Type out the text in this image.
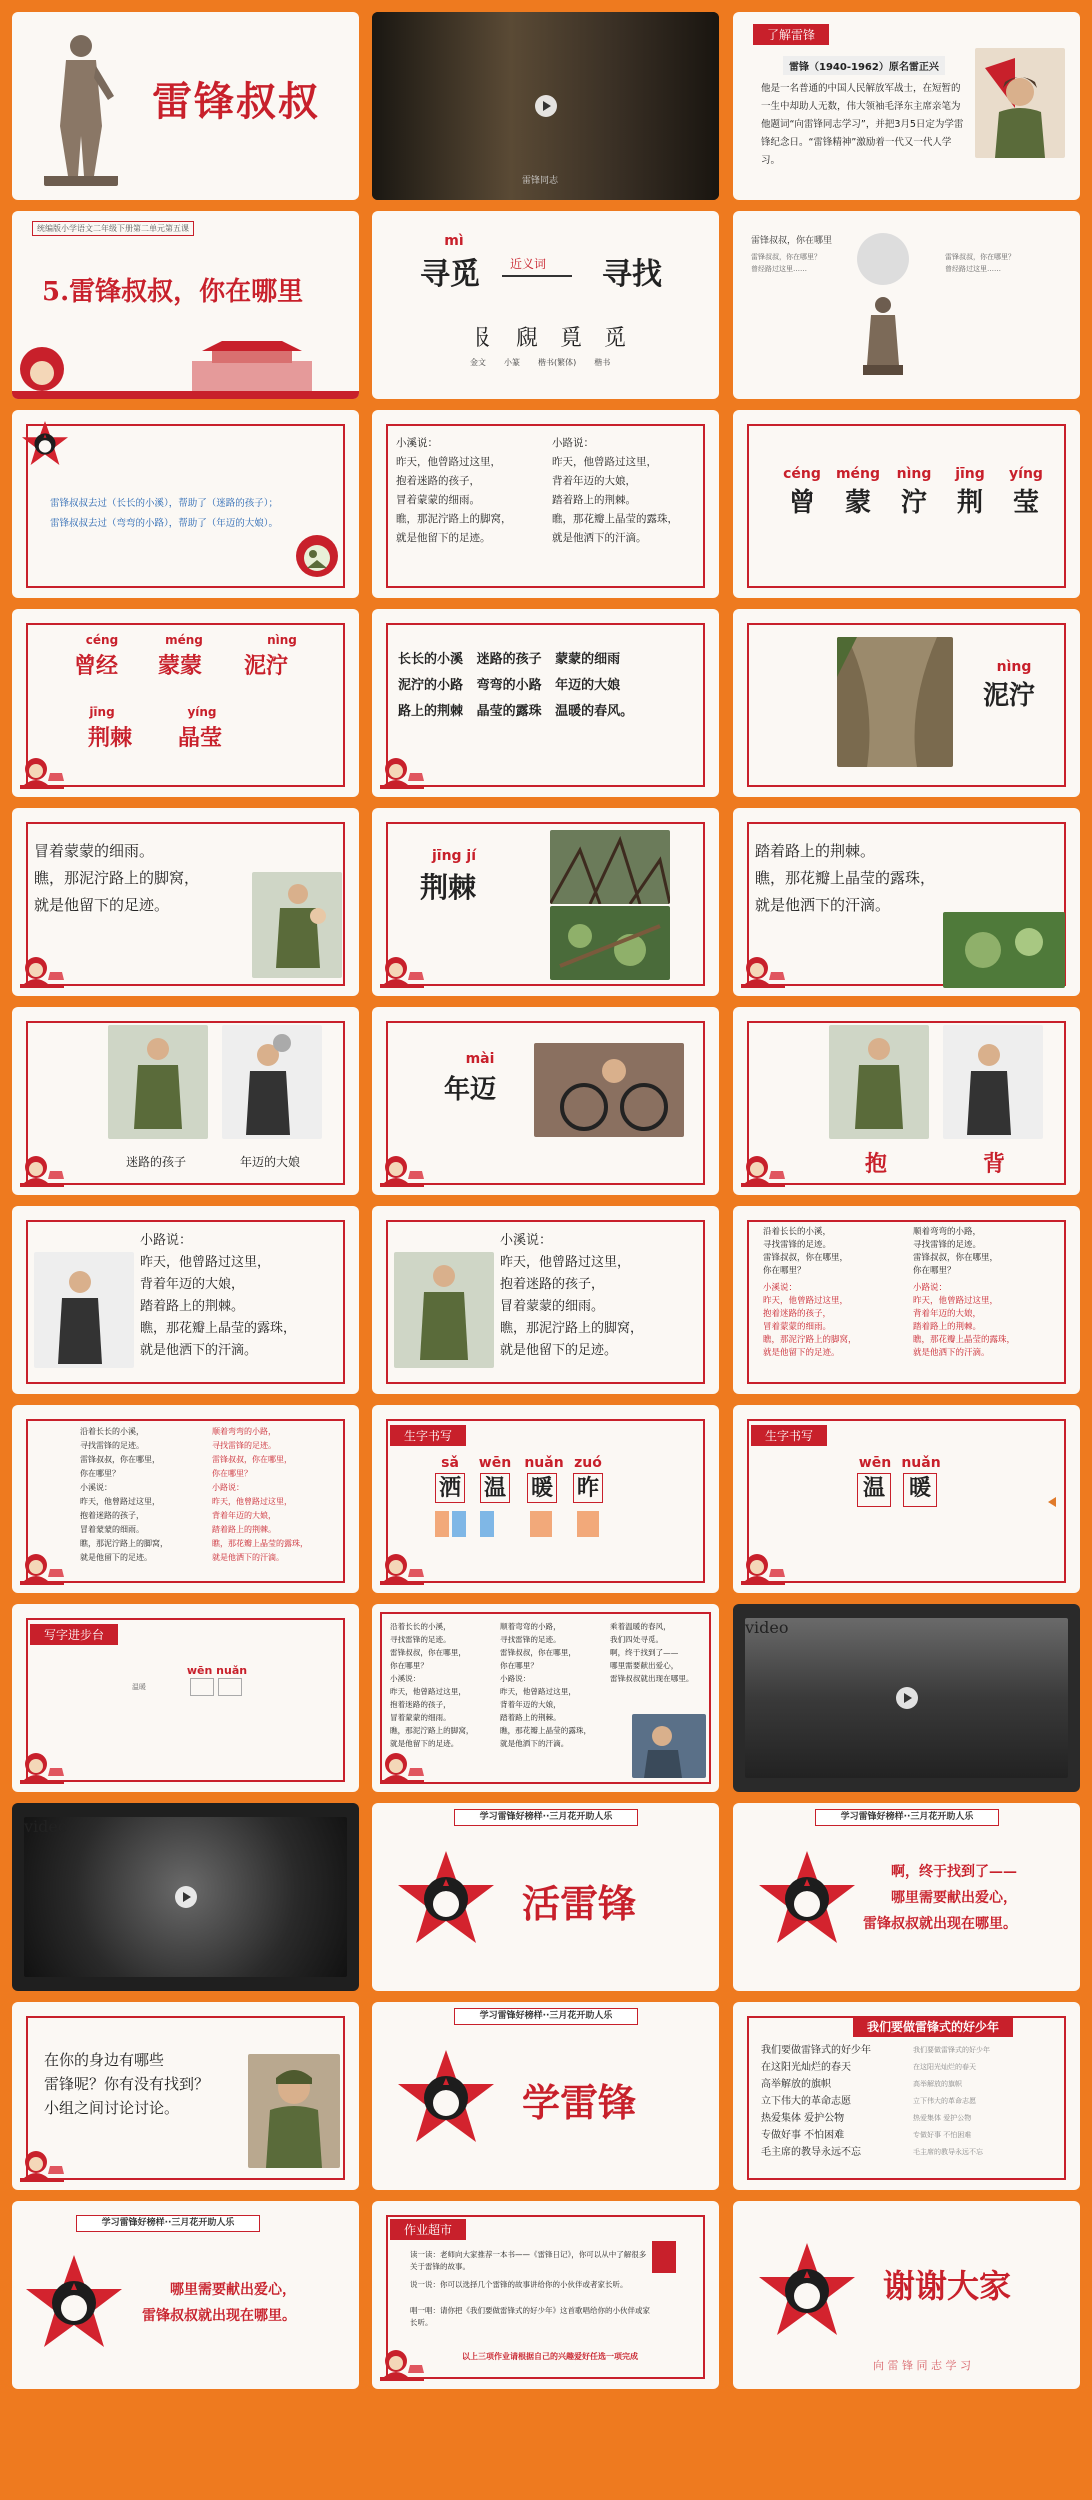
雷锋叔叔
雷锋同志
了解雷锋
雷锋（1940-1962）原名雷正兴
他是一名普通的中国人民解放军战士，在短暂的一生中却助人无数，伟大领袖毛泽东主席亲笔为他题词“向雷锋同志学习”，并把3月5日定为学雷锋纪念日。“雷锋精神”激励着一代又一代人学习。
统编版小学语文二年级下册第二单元第五课
5.雷锋叔叔，你在哪里
mì
寻觅	近义词	寻找
𠬝 覛 覓 觅
金文 小篆 楷书(繁体) 楷书
雷锋叔叔，你在哪里
雷锋叔叔，你在哪里？
曾经路过这里……
雷锋叔叔，你在哪里？
曾经路过这里……
雷锋叔叔去过（长长的小溪），帮助了（迷路的孩子）；
雷锋叔叔去过（弯弯的小路），帮助了（年迈的大娘）。
小溪说：
昨天，他曾路过这里，
抱着迷路的孩子，
冒着蒙蒙的细雨。
瞧，那泥泞路上的脚窝，
就是他留下的足迹。
小路说：
昨天，他曾路过这里，
背着年迈的大娘，
踏着路上的荆棘。
瞧，那花瓣上晶莹的露珠，
就是他洒下的汗滴。
céng
曾
méng
蒙
nìng
泞
jīng
荆
yíng
莹
céng
曾经
méng
蒙蒙
nìng
泥泞
jīng
荆棘
yíng
晶莹
长长的小溪   迷路的孩子   蒙蒙的细雨
泥泞的小路   弯弯的小路   年迈的大娘
路上的荆棘   晶莹的露珠   温暖的春风。
nìng
泥泞
冒着蒙蒙的细雨。
瞧，那泥泞路上的脚窝，
就是他留下的足迹。
jīng jí
荆棘
踏着路上的荆棘。
瞧，那花瓣上晶莹的露珠，
就是他洒下的汗滴。
迷路的孩子	年迈的大娘
mài
年迈
抱	背
小路说：
昨天，他曾路过这里，
背着年迈的大娘，
踏着路上的荆棘。
瞧，那花瓣上晶莹的露珠，
就是他洒下的汗滴。
小溪说：
昨天，他曾路过这里，
抱着迷路的孩子，
冒着蒙蒙的细雨。
瞧，那泥泞路上的脚窝，
就是他留下的足迹。
沿着长长的小溪，
寻找雷锋的足迹。
雷锋叔叔，你在哪里，
你在哪里？
顺着弯弯的小路，
寻找雷锋的足迹。
雷锋叔叔，你在哪里，
你在哪里？
小溪说：
昨天，他曾路过这里，
抱着迷路的孩子，
冒着蒙蒙的细雨。
瞧，那泥泞路上的脚窝，
就是他留下的足迹。
小路说：
昨天，他曾路过这里，
背着年迈的大娘，
踏着路上的荆棘。
瞧，那花瓣上晶莹的露珠，
就是他洒下的汗滴。
沿着长长的小溪，
寻找雷锋的足迹。
雷锋叔叔，你在哪里，
你在哪里？
小溪说：
昨天，他曾路过这里，
抱着迷路的孩子，
冒着蒙蒙的细雨。
瞧，那泥泞路上的脚窝，
就是他留下的足迹。
顺着弯弯的小路，
寻找雷锋的足迹。
雷锋叔叔，你在哪里，
你在哪里？
小路说：
昨天，他曾路过这里，
背着年迈的大娘，
踏着路上的荆棘。
瞧，那花瓣上晶莹的露珠，
就是他洒下的汗滴。
生字书写
sǎ
洒
wēn
温
nuǎn
暖
zuó
昨
生字书写
wēn
温
nuǎn
暖
写字进步台
wēn nuǎn
温暖
沿着长长的小溪，
寻找雷锋的足迹。
雷锋叔叔，你在哪里，
你在哪里？
小溪说：
昨天，他曾路过这里，
抱着迷路的孩子，
冒着蒙蒙的细雨。
瞧，那泥泞路上的脚窝，
就是他留下的足迹。
顺着弯弯的小路，
寻找雷锋的足迹。
雷锋叔叔，你在哪里，
你在哪里？
小路说：
昨天，他曾路过这里，
背着年迈的大娘，
踏着路上的荆棘。
瞧，那花瓣上晶莹的露珠，
就是他洒下的汗滴。
乘着温暖的春风，
我们四处寻觅。
啊，终于找到了——
哪里需要献出爱心，
雷锋叔叔就出现在哪里。
video
video	学习雷锋好榜样··三月花开助人乐
活雷锋
学习雷锋好榜样··三月花开助人乐
啊，终于找到了——
哪里需要献出爱心，
雷锋叔叔就出现在哪里。
在你的身边有哪些
雷锋呢？你有没有找到？
小组之间讨论讨论。
学习雷锋好榜样··三月花开助人乐
学雷锋
我们要做雷锋式的好少年
我们要做雷锋式的好少年
在这阳光灿烂的春天
高举解放的旗帜
立下伟大的革命志愿
热爱集体 爱护公物
专做好事 不怕困难
毛主席的教导永远不忘
我们要做雷锋式的好少年
在这阳光灿烂的春天
高举解放的旗帜
立下伟大的革命志愿
热爱集体 爱护公物
专做好事 不怕困难
毛主席的教导永远不忘
学习雷锋好榜样··三月花开助人乐
哪里需要献出爱心，
雷锋叔叔就出现在哪里。
作业超市
读一读：老师向大家推荐一本书——《雷锋日记》，你可以从中了解很多关于雷锋的故事。
说一说：你可以选择几个雷锋的故事讲给你的小伙伴或者家长听。
唱一唱：请你把《我们要做雷锋式的好少年》这首歌唱给你的小伙伴或家长听。
以上三项作业请根据自己的兴趣爱好任选一项完成
谢谢大家
向 雷 锋 同 志 学 习
